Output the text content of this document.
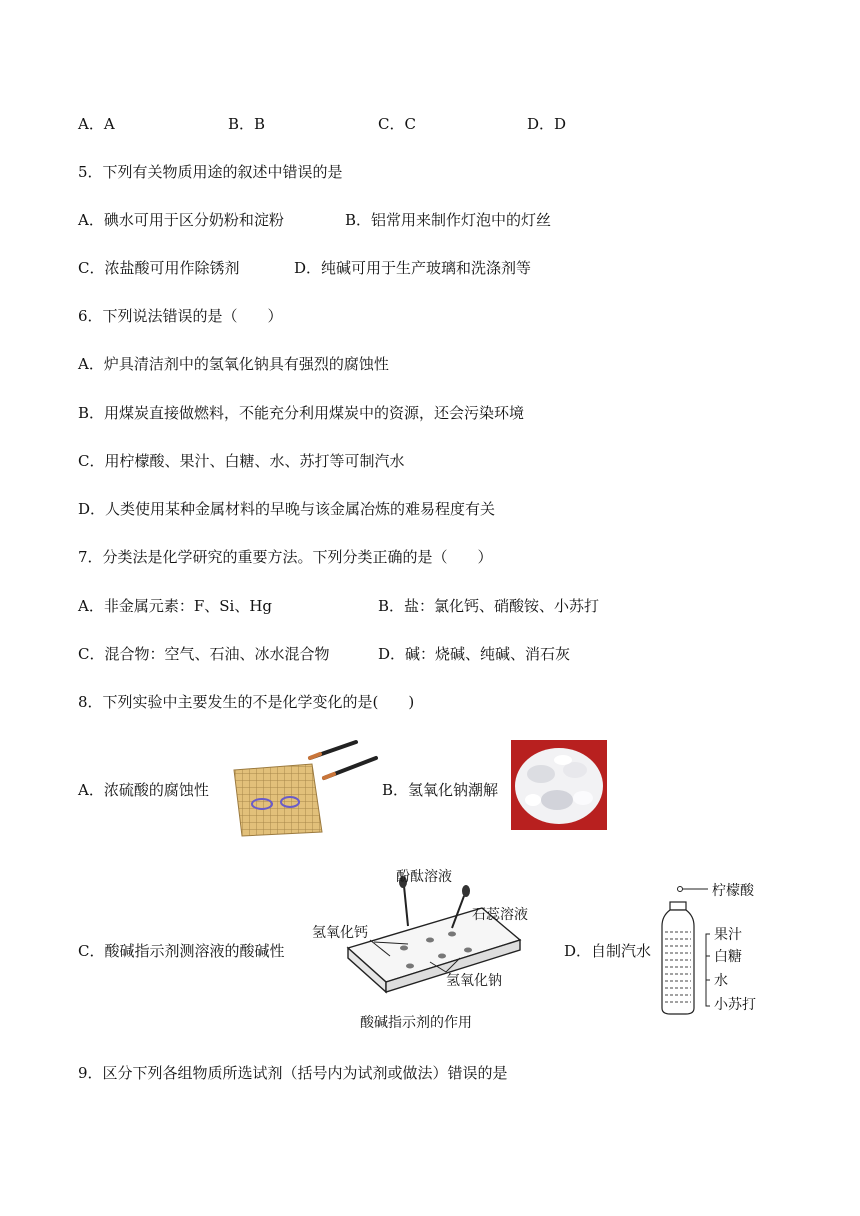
A．A	B．B	C．C	D．D
5．下列有关物质用途的叙述中错误的是
A．碘水可用于区分奶粉和淀粉	B．铝常用来制作灯泡中的灯丝
C．浓盐酸可用作除锈剂	D．纯碱可用于生产玻璃和洗涤剂等
6．下列说法错误的是（　　）
A．炉具清洁剂中的氢氧化钠具有强烈的腐蚀性
B．用煤炭直接做燃料，不能充分利用煤炭中的资源，还会污染环境
C．用柠檬酸、果汁、白糖、水、苏打等可制汽水
D．人类使用某种金属材料的早晚与该金属冶炼的难易程度有关
7．分类法是化学研究的重要方法。下列分类正确的是（　　）
A．非金属元素：F、Si、Hg	B．盐：氯化钙、硝酸铵、小苏打
C．混合物：空气、石油、冰水混合物	D．碱：烧碱、纯碱、消石灰
8．下列实验中主要发生的不是化学变化的是(　　)
A．浓硫酸的腐蚀性	B．氢氧化钠潮解
C．酸碱指示剂测溶液的酸碱性
酚酞溶液
石蕊溶液
氢氧化钙
氢氧化钠
酸碱指示剂的作用
D．自制汽水
柠檬酸
果汁
白糖
水
小苏打
9．区分下列各组物质所选试剂（括号内为试剂或做法）错误的是
